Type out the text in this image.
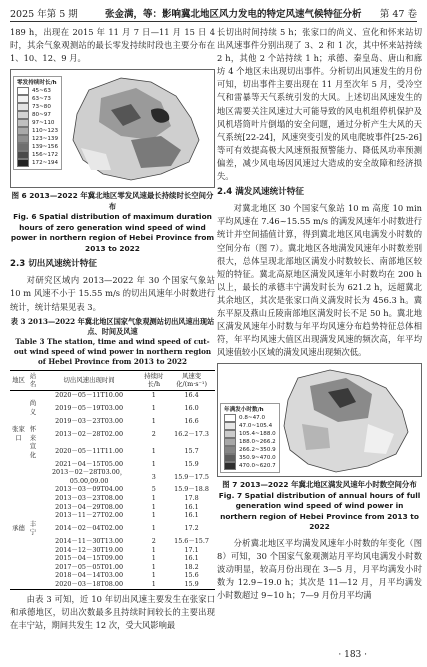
2025 年第 5 期	张金满，等：影响冀北地区风力发电的特定风速气候特征分析 第 47 卷

189 h，出现在 2015 年 11 月 7 日—11 月 15 日 4 时，其余气象观测站的最长零发持续时段也主要分布在 1、10、12、9 月。

零发持续时长/h
45~63
63~73
73~80
80~97
97~110
110~123
123~139
139~156
156~172
172~194
图 6 2013—2022 年冀北地区零发风速最长持续时长空间分布
Fig. 6 Spatial distribution of maximum duration hours of zero generation wind speed of wind power in northern region of Hebei Province from 2013 to 2022
2.3 切出风速统计特征

对研究区域内 2013—2022 年 30 个国家气象站 10 m 风速不小于 15.55 m/s 的切出风速年小时数进行统计，统计结果见表 3。

表 3 2013—2022 年冀北地区国家气象观测站切出风速出现站点、时间及风速
Table 3 The station, time and wind speed of cut-out wind speed of wind power in northern region of Hebei Province from 2013 to 2022
地区	站名	切出风速出现时间	持续时长/h	风速变化/(m·s⁻¹)
		2020－05－11T10.00	1	16.4
	尚义	2019－05－19T03.00	1	16.0
		2019－03－23T03.00	1	16.6
张家口	怀来	2013－02－28T02.00	2	16.2－17.3
	宣化	2020－05－11T11.00	1	15.7
		2021－04－15T05.00	1	15.9
		2013－02－28T03.00，05.00,09.00	3	15.9－17.5
		2013－03－09T04.00	5	15.9－18.8
		2013－03－23T08.00	1	17.8
		2013－04－29T08.00	1	16.1
		2013－11－27T02.00	1	16.1
承德	丰宁	2014－02－04T02.00	1	17.2
		2014－11－30T13.00	2	15.6－15.7
		2014－12－30T19.00	1	17.1
		2015－04－15T09.00	1	16.1
		2017－05－05T01.00	1	18.2
		2018－04－14T03.00	1	15.6
		2020－03－18T08.00	1	15.9

由表 3 可知，近 10 年切出风速主要发生在张家口和承德地区，切出次数最多且持续时间较长的主要出现在丰宁站，期间共发生 12 次，受大风影响最

长切出时间持续 5 h；张家口的尚义、宣化和怀来站切出风速事件分别出现了 3、2 和 1 次，其中怀来站持续 2 h，其他 2 个站持续 1 h；承德、秦皇岛、唐山和廊坊 4 个地区未出现切出事件。分析切出风速发生的月份可知，切出事件主要出现在 11 月至次年 5 月，受冷空气和雷暴等天气系统引发的大风。上述切出风速发生的地区需要关注风速过大可能导致的风电机组停机保护及风机塔筒叶片倒塌的安全问题，通过分析产生大风的天气系统[22-24]，风速突变引发的风电爬坡事件[25-26] 等可有效提高极大风速预报预警能力、降低风功率预测偏差，减少风电场因风速过大造成的安全故障和经济损失。

2.4 满发风速统计特征

对冀北地区 30 个国家气象站 10 m 高度 10 min 平均风速在 7.46~15.55 m/s 的满发风速年小时数进行统计并空间插值计算，得到冀北地区风电满发小时数的空间分布（图 7）。冀北地区各地满发风速年小时数差别很大，总体呈现北部地区满发小时数较长、南部地区较短的特征。冀北高原地区满发风速年小时数均在 200 h 以上，最长的承德丰宁满发时长为 621.2 h，远超冀北其余地区，其次是张家口尚义满发时长为 456.3 h。冀东平原及燕山丘陵南部地区满发时长不足 50 h。冀北地区满发风速年小时数与年平均风速分布趋势特征总体相符，年平均风速大值区出现满发风速的频次高，年平均风速值较小区域的满发风速出现频次低。

年满发小时数/h
0.8~47.0
47.0~105.4
105.4~188.0
188.0~266.2
266.2~350.9
350.9~470.0
470.0~620.7
图 7 2013—2022 年冀北地区满发风速年小时数空间分布
Fig. 7 Spatial distribution of annual hours of full generation wind speed of wind power in northern region of Hebei Province from 2013 to 2022

分析冀北地区平均满发风速年小时数的年变化（图 8）可知，30 个国家气象观测站月平均风电满发小时数波动明显，较高月份出现在 3—5 月，月平均满发小时数为 12.9~19.0 h；其次是 11—12 月，月平均满发小时数超过 9~10 h；7—9 月份月平均满

· 183 ·
